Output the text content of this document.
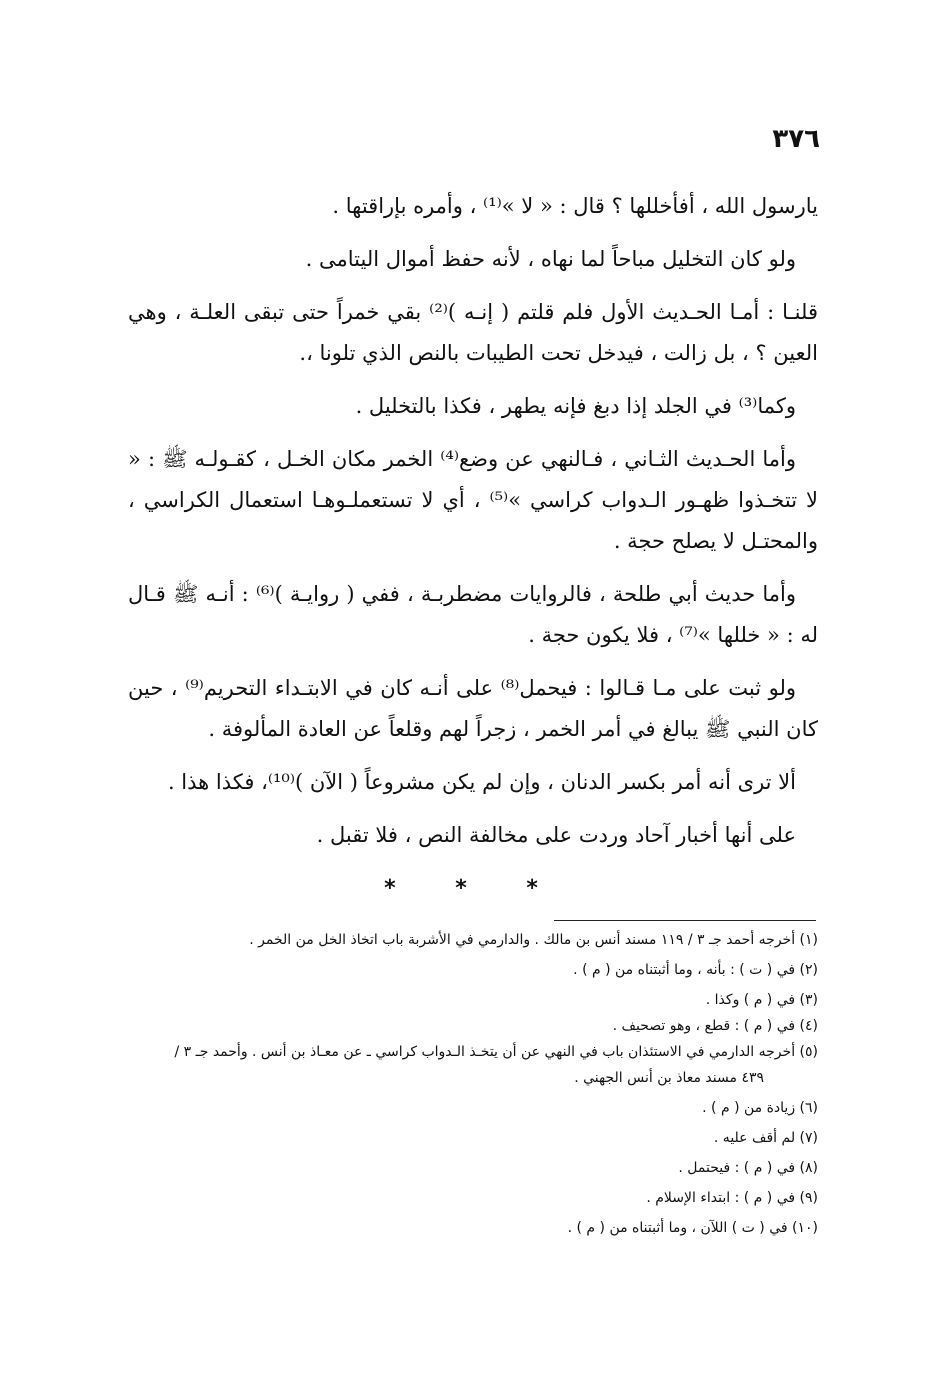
٣٧٦

يارسول الله ، أفأخللها ؟ قال : « لا »⁽¹⁾ ، وأمره بإراقتها .

ولو كان التخليل مباحاً لما نهاه ، لأنه حفظ أموال اليتامى .

قلنـا : أمـا الحـديث الأول فلم قلتم ( إنـه )⁽²⁾ بقي خمراً حتى تبقى العلـة ، وهي العين ؟ ، بل زالت ، فيدخل تحت الطيبات بالنص الذي تلونا ،.

وكما⁽³⁾ في الجلد إذا دبغ فإنه يطهر ، فكذا بالتخليل .

وأما الحـديث الثـاني ، فـالنهي عن وضع⁽⁴⁾ الخمر مكان الخـل ، كقـولـه ﷺ : « لا تتخـذوا ظهـور الـدواب كراسي »⁽⁵⁾ ، أي لا تستعملـوهـا استعمال الكراسي ، والمحتـل لا يصلح حجة .

وأما حديث أبي طلحة ، فالروايات مضطربـة ، ففي ( روايـة )⁽⁶⁾ : أنـه ﷺ قـال له : « خللها »⁽⁷⁾ ، فلا يكون حجة .

ولو ثبت على مـا قـالوا : فيحمل⁽⁸⁾ على أنـه كان في الابتـداء التحريم⁽⁹⁾ ، حين كان النبي ﷺ يبالغ في أمر الخمر ، زجراً لهم وقلعاً عن العادة المألوفة .

ألا ترى أنه أمر بكسر الدنان ، وإن لم يكن مشروعاً ( الآن )⁽¹⁰⁾، فكذا هذا .

على أنها أخبار آحاد وردت على مخالفة النص ، فلا تقبل .

* * *
(١) أخرجه أحمد جـ ٣ / ١١٩ مسند أنس بن مالك . والدارمي في الأشربة باب اتخاذ الخل من الخمر .
(٢) في ( ت ) : بأنه ، وما أثبتناه من ( م ) .
(٣) في ( م ) وكذا .
(٤) في ( م ) : قطع ، وهو تصحيف .
(٥) أخرجه الدارمي في الاستئذان باب في النهي عن أن يتخـذ الـدواب كراسي ـ عن معـاذ بن أنس . وأحمد جـ ٣ /
٤٣٩ مسند معاذ بن أنس الجهني .
(٦) زيادة من ( م ) .
(٧) لم أقف عليه .
(٨) في ( م ) : فيحتمل .
(٩) في ( م ) : ابتداء الإسلام .
(١٠) في ( ت ) اللآن ، وما أثبتناه من ( م ) .
